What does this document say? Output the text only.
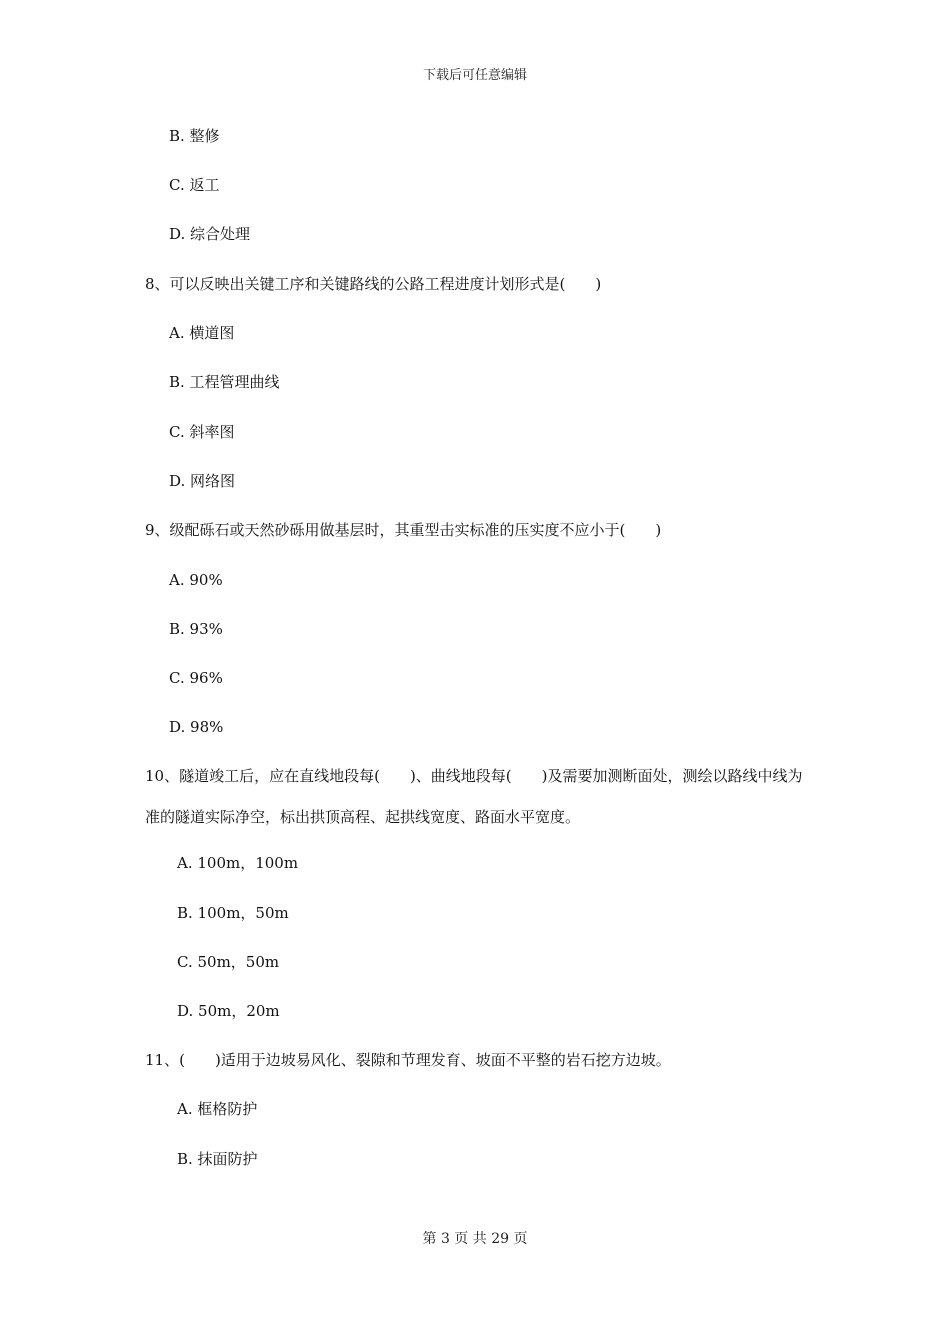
下载后可任意编辑
B. 整修
C. 返工
D. 综合处理
8、可以反映出关键工序和关键路线的公路工程进度计划形式是(　　)
A. 横道图
B. 工程管理曲线
C. 斜率图
D. 网络图
9、级配砾石或天然砂砾用做基层时，其重型击实标准的压实度不应小于(　　)
A. 90%
B. 93%
C. 96%
D. 98%
10、隧道竣工后，应在直线地段每(　　)、曲线地段每(　　)及需要加测断面处，测绘以路线中线为准的隧道实际净空，标出拱顶高程、起拱线宽度、路面水平宽度。
A. 100m，100m
B. 100m，50m
C. 50m，50m
D. 50m，20m
11、(　　)适用于边坡易风化、裂隙和节理发育、坡面不平整的岩石挖方边坡。
A. 框格防护
B. 抹面防护
第 3 页 共 29 页
